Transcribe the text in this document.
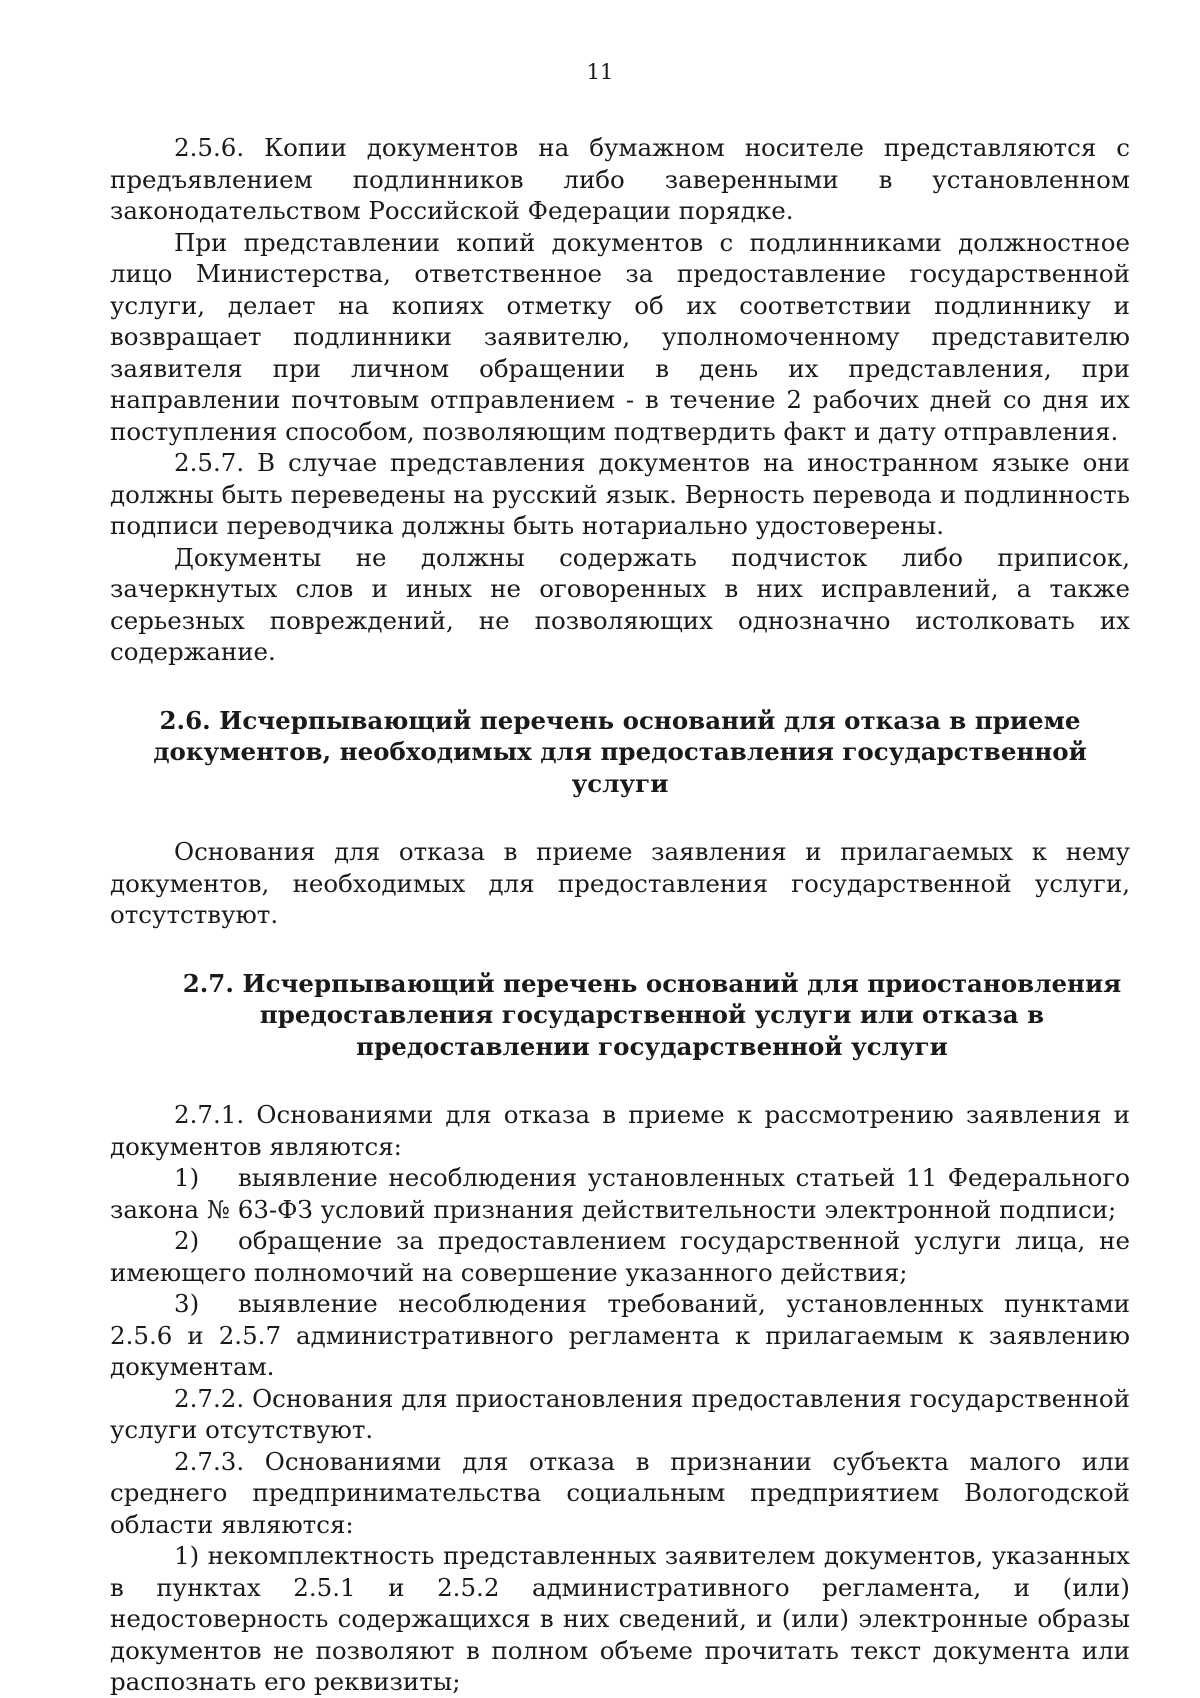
11

2.5.6. Копии документов на бумажном носителе представляются с предъявлением подлинников либо заверенными в установленном законодательством Российской Федерации порядке.

При представлении копий документов с подлинниками должностное лицо Министерства, ответственное за предоставление государственной услуги, делает на копиях отметку об их соответствии подлиннику и возвращает подлинники заявителю, уполномоченному представителю заявителя при личном обращении в день их представления, при направлении почтовым отправлением - в течение 2 рабочих дней со дня их поступления способом, позволяющим подтвердить факт и дату отправления.

2.5.7. В случае представления документов на иностранном языке они должны быть переведены на русский язык. Верность перевода и подлинность подписи переводчика должны быть нотариально удостоверены.

Документы не должны содержать подчисток либо приписок, зачеркнутых слов и иных не оговоренных в них исправлений, а также серьезных повреждений, не позволяющих однозначно истолковать их содержание.

2.6. Исчерпывающий перечень оснований для отказа в приеме документов, необходимых для предоставления государственной услуги

Основания для отказа в приеме заявления и прилагаемых к нему документов, необходимых для предоставления государственной услуги, отсутствуют.

2.7. Исчерпывающий перечень оснований для приостановления предоставления государственной услуги или отказа в предоставлении государственной услуги

2.7.1. Основаниями для отказа в приеме к рассмотрению заявления и документов являются:

1) выявление несоблюдения установленных статьей 11 Федерального закона № 63-ФЗ условий признания действительности электронной подписи;

2) обращение за предоставлением государственной услуги лица, не имеющего полномочий на совершение указанного действия;

3) выявление несоблюдения требований, установленных пунктами 2.5.6 и 2.5.7 административного регламента к прилагаемым к заявлению документам.

2.7.2. Основания для приостановления предоставления государственной услуги отсутствуют.

2.7.3. Основаниями для отказа в признании субъекта малого или среднего предпринимательства социальным предприятием Вологодской области являются:

1) некомплектность представленных заявителем документов, указанных в пунктах 2.5.1 и 2.5.2 административного регламента, и (или) недостоверность содержащихся в них сведений, и (или) электронные образы документов не позволяют в полном объеме прочитать текст документа или распознать его реквизиты;
